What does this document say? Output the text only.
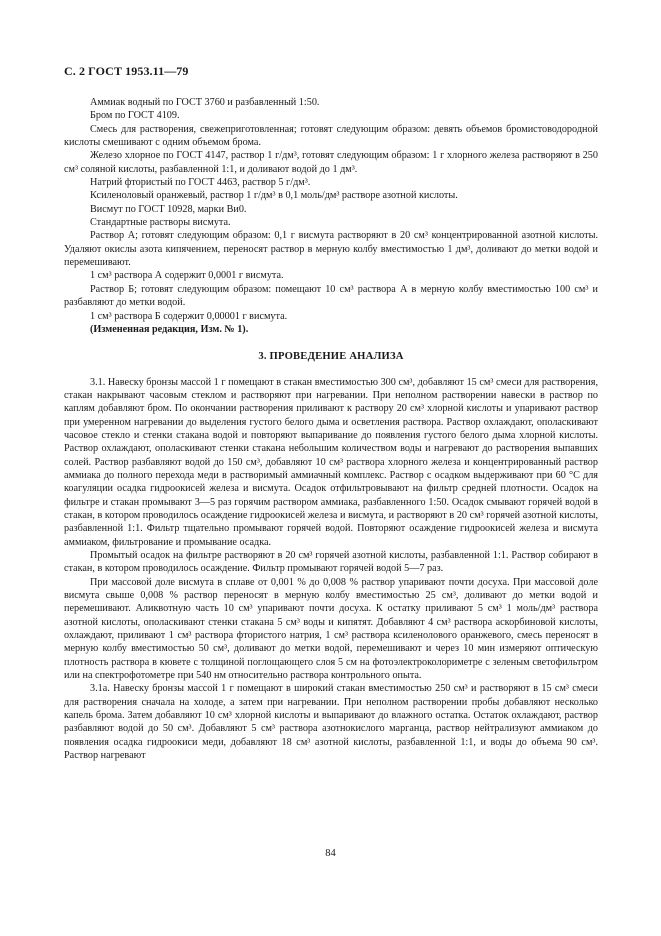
С. 2 ГОСТ 1953.11—79

Аммиак водный по ГОСТ 3760 и разбавленный 1:50.

Бром по ГОСТ 4109.

Смесь для растворения, свежеприготовленная; готовят следующим образом: девять объемов бромистоводородной кислоты смешивают с одним объемом брома.

Железо хлорное по ГОСТ 4147, раствор 1 г/дм³, готовят следующим образом: 1 г хлорного железа растворяют в 250 см³ соляной кислоты, разбавленной 1:1, и доливают водой до 1 дм³.

Натрий фтористый по ГОСТ 4463, раствор 5 г/дм³.

Ксиленоловый оранжевый, раствор 1 г/дм³ в 0,1 моль/дм³ растворе азотной кислоты.

Висмут по ГОСТ 10928, марки Ви0.

Стандартные растворы висмута.

Раствор А; готовят следующим образом: 0,1 г висмута растворяют в 20 см³ концентрированной азотной кислоты. Удаляют окислы азота кипячением, переносят раствор в мерную колбу вместимостью 1 дм³, доливают до метки водой и перемешивают.

1 см³ раствора А содержит 0,0001 г висмута.

Раствор Б; готовят следующим образом: помещают 10 см³ раствора А в мерную колбу вместимостью 100 см³ и разбавляют до метки водой.

1 см³ раствора Б содержит 0,00001 г висмута.

(Измененная редакция, Изм. № 1).

3. ПРОВЕДЕНИЕ АНАЛИЗА

3.1. Навеску бронзы массой 1 г помещают в стакан вместимостью 300 см³, добавляют 15 см³ смеси для растворения, стакан накрывают часовым стеклом и растворяют при нагревании. При неполном растворении навески в раствор по каплям добавляют бром. По окончании растворения приливают к раствору 20 см³ хлорной кислоты и упаривают раствор при умеренном нагревании до выделения густого белого дыма и осветления раствора. Раствор охлаждают, ополаскивают часовое стекло и стенки стакана водой и повторяют выпаривание до появления густого белого дыма хлорной кислоты. Раствор охлаждают, ополаскивают стенки стакана небольшим количеством воды и нагревают до растворения выпавших солей. Раствор разбавляют водой до 150 см³, добавляют 10 см³ раствора хлорного железа и концентрированный раствор аммиака до полного перехода меди в растворимый аммиачный комплекс. Раствор с осадком выдерживают при 60 °С для коагуляции осадка гидроокисей железа и висмута. Осадок отфильтровывают на фильтр средней плотности. Осадок на фильтре и стакан промывают 3—5 раз горячим раствором аммиака, разбавленного 1:50. Осадок смывают горячей водой в стакан, в котором проводилось осаждение гидроокисей железа и висмута, и растворяют в 20 см³ горячей азотной кислоты, разбавленной 1:1. Фильтр тщательно промывают горячей водой. Повторяют осаждение гидроокисей железа и висмута аммиаком, фильтрование и промывание осадка.

Промытый осадок на фильтре растворяют в 20 см³ горячей азотной кислоты, разбавленной 1:1. Раствор собирают в стакан, в котором проводилось осаждение. Фильтр промывают горячей водой 5—7 раз.

При массовой доле висмута в сплаве от 0,001 % до 0,008 % раствор упаривают почти досуха. При массовой доле висмута свыше 0,008 % раствор переносят в мерную колбу вместимостью 25 см³, доливают до метки водой и перемешивают. Аликвотную часть 10 см³ упаривают почти досуха. К остатку приливают 5 см³ 1 моль/дм³ раствора азотной кислоты, ополаскивают стенки стакана 5 см³ воды и кипятят. Добавляют 4 см³ раствора аскорбиновой кислоты, охлаждают, приливают 1 см³ раствора фтористого натрия, 1 см³ раствора ксиленолового оранжевого, смесь переносят в мерную колбу вместимостью 50 см³, доливают до метки водой, перемешивают и через 10 мин измеряют оптическую плотность раствора в кювете с толщиной поглощающего слоя 5 см на фотоэлектроколориметре с зеленым светофильтром или на спектрофотометре при 540 нм относительно раствора контрольного опыта.

3.1а. Навеску бронзы массой 1 г помещают в широкий стакан вместимостью 250 см³ и растворяют в 15 см³ смеси для растворения сначала на холоде, а затем при нагревании. При неполном растворении пробы добавляют несколько капель брома. Затем добавляют 10 см³ хлорной кислоты и выпаривают до влажного остатка. Остаток охлаждают, раствор разбавляют водой до 50 см³. Добавляют 5 см³ раствора азотнокислого марганца, раствор нейтрализуют аммиаком до появления осадка гидроокиси меди, добавляют 18 см³ азотной кислоты, разбавленной 1:1, и воды до объема 90 см³. Раствор нагревают

84
